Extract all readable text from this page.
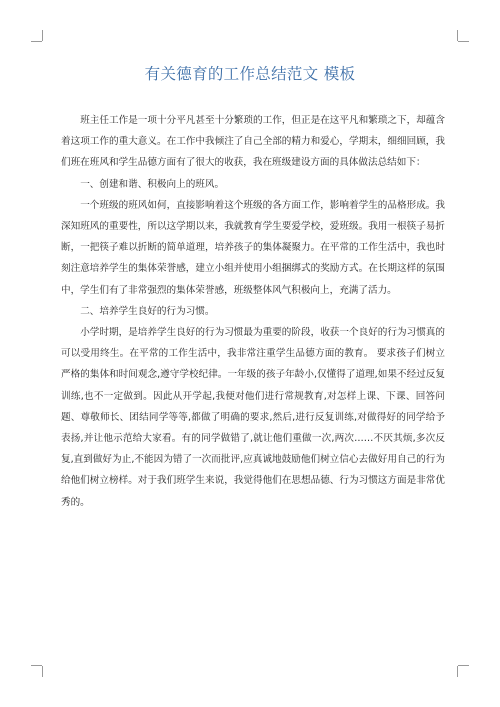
有关德育的工作总结范文 模板

班主任工作是一项十分平凡甚至十分繁琐的工作，但正是在这平凡和繁琐之下，却蕴含着这项工作的重大意义。在工作中我倾注了自己全部的精力和爱心，学期末，细细回顾，我们班在班风和学生品德方面有了很大的收获，我在班级建设方面的具体做法总结如下：

一、创建和谐、积极向上的班风。

一个班级的班风如何，直接影响着这个班级的各方面工作，影响着学生的品格形成。我深知班风的重要性，所以这学期以来，我就教育学生要爱学校，爱班级。我用一根筷子易折断，一把筷子难以折断的简单道理，培养孩子的集体凝聚力。在平常的工作生活中，我也时刻注意培养学生的集体荣誉感，建立小组并使用小组捆绑式的奖励方式。在长期这样的氛围中，学生们有了非常强烈的集体荣誉感，班级整体风气积极向上，充满了活力。

二、培养学生良好的行为习惯。

小学时期，是培养学生良好的行为习惯最为重要的阶段，收获一个良好的行为习惯真的可以受用终生。在平常的工作生活中，我非常注重学生品德方面的教育。 要求孩子们树立严格的集体和时间观念,遵守学校纪律。一年级的孩子年龄小,仅懂得了道理,如果不经过反复训练,也不一定做到。因此从开学起,我便对他们进行常规教育,对怎样上课、下课、回答问题、尊敬师长、团结同学等等,都做了明确的要求,然后,进行反复训练,对做得好的同学给予表扬,并让他示范给大家看。有的同学做错了,就让他们重做一次,两次……不厌其烦,多次反复,直到做好为止,不能因为错了一次而批评,应真诚地鼓励他们树立信心去做好用自己的行为给他们树立榜样。对于我们班学生来说，我觉得他们在思想品德、行为习惯这方面是非常优秀的。
